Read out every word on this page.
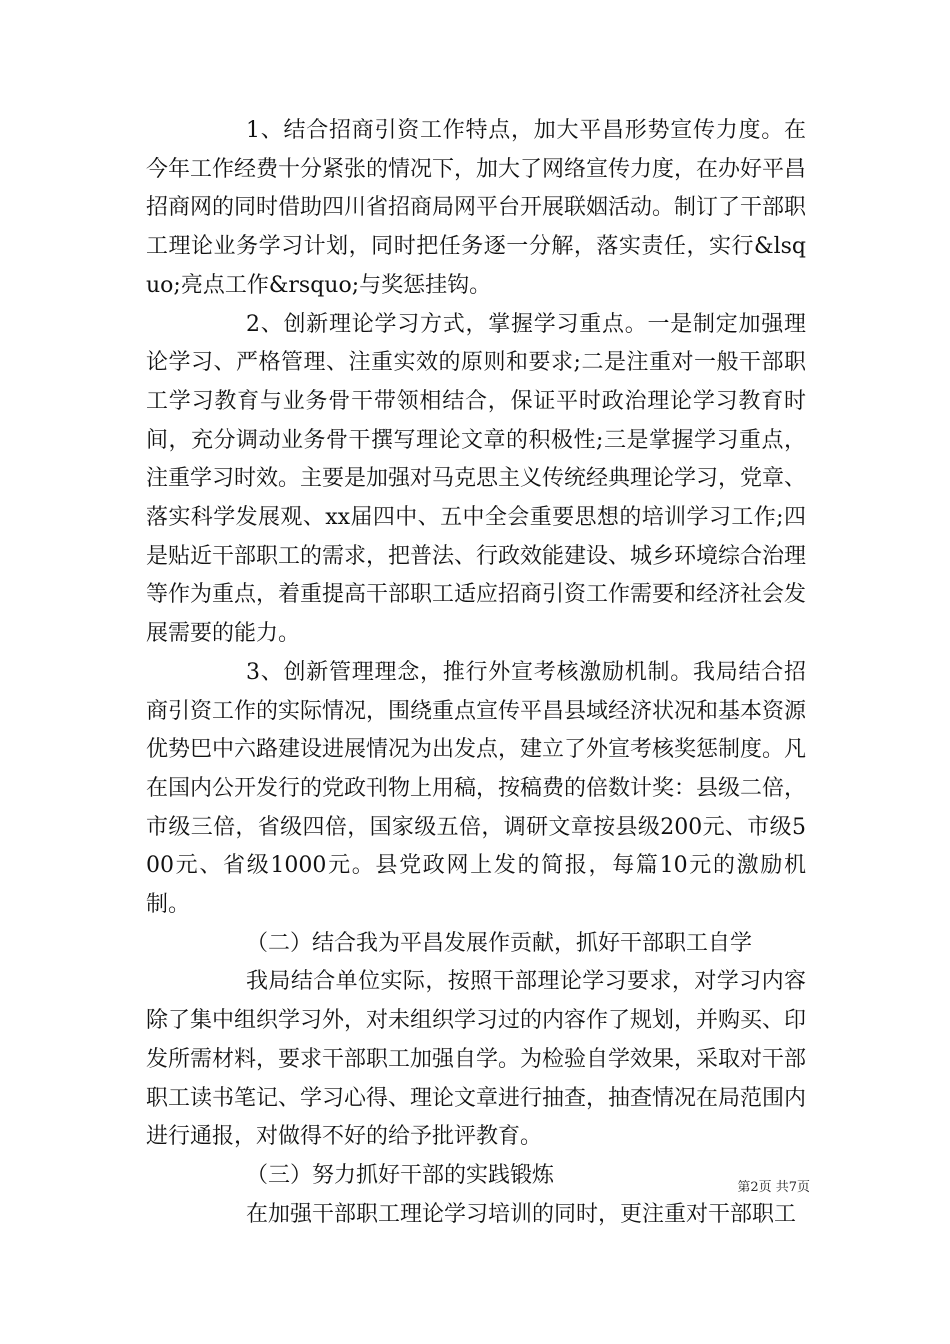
1、结合招商引资工作特点，加大平昌形势宣传力度。在今年工作经费十分紧张的情况下，加大了网络宣传力度，在办好平昌招商网的同时借助四川省招商局网平台开展联姻活动。制订了干部职工理论业务学习计划，同时把任务逐一分解，落实责任，实行&lsquo;亮点工作&rsquo;与奖惩挂钩。

2、创新理论学习方式，掌握学习重点。一是制定加强理论学习、严格管理、注重实效的原则和要求;二是注重对一般干部职工学习教育与业务骨干带领相结合，保证平时政治理论学习教育时间，充分调动业务骨干撰写理论文章的积极性;三是掌握学习重点，注重学习时效。主要是加强对马克思主义传统经典理论学习，党章、落实科学发展观、xx届四中、五中全会重要思想的培训学习工作;四是贴近干部职工的需求，把普法、行政效能建设、城乡环境综合治理等作为重点，着重提高干部职工适应招商引资工作需要和经济社会发展需要的能力。

3、创新管理理念，推行外宣考核激励机制。我局结合招商引资工作的实际情况，围绕重点宣传平昌县域经济状况和基本资源优势巴中六路建设进展情况为出发点，建立了外宣考核奖惩制度。凡在国内公开发行的党政刊物上用稿，按稿费的倍数计奖：县级二倍，市级三倍，省级四倍，国家级五倍，调研文章按县级200元、市级500元、省级1000元。县党政网上发的简报，每篇10元的激励机制。

（二）结合我为平昌发展作贡献，抓好干部职工自学

我局结合单位实际，按照干部理论学习要求，对学习内容除了集中组织学习外，对未组织学习过的内容作了规划，并购买、印发所需材料，要求干部职工加强自学。为检验自学效果，采取对干部职工读书笔记、学习心得、理论文章进行抽查，抽查情况在局范围内进行通报，对做得不好的给予批评教育。

（三）努力抓好干部的实践锻炼

在加强干部职工理论学习培训的同时，更注重对干部职工

第2页 共7页
